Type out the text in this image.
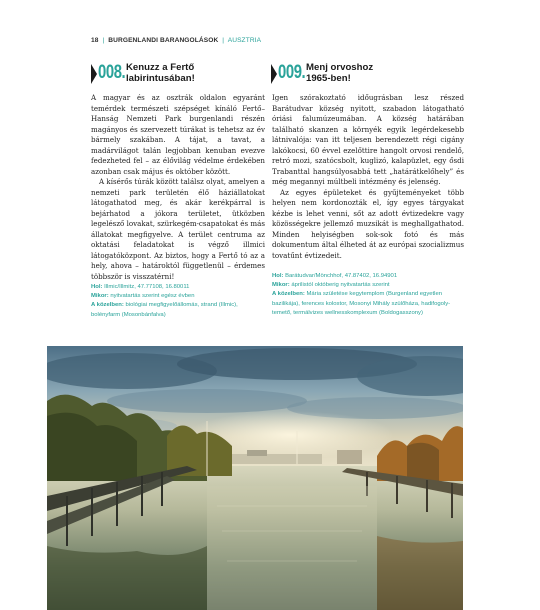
18 | BURGENLANDI BARANGOLÁSOK | AUSZTRIA
008. Kenuzz a Fertő
labirintusában!

A magyar és az osztrák oldalon egyaránt temérdek természeti szépséget kínáló Fertő–Hanság Nemzeti Park burgenlandi részén magányos és szervezett túrákat is tehetsz az év bármely szakában. A tájat, a tavat, a madárvilágot talán legjobban kenuban evezve fedezheted fel – az élővilág védelme érdekében azonban csak május és október között.

A kísérős túrák között találsz olyat, amelyen a nemzeti park területén élő háziállatokat látogathatod meg, és akár kerékpárral is bejárhatod a jókora területet, ütközben legelésző lovakat, szürkegém-csapatokat és más állatokat megfigyelve. A terület centruma az oktatási feladatokat is végző illmici látogatóközpont. Az biztos, hogy a Fertő tó az a hely, ahova – határoktól függetlenül – érdemes többször is visszatérni!

Hol: Illmic/Illmitz, 47.77108, 16.80011
Mikor: nyitvatartás szerint egész évben
A közelben: biológiai megfigyelőállomás, strand (Illmic), bolényfarm (Mosonbánfalva)
009. Menj orvoshoz
1965-ben!

Igen szórakoztató időugrásban lesz részed Barátudvar község nyitott, szabadon látogatható óriási falumúzeumában. A község határában található skanzen a környék egyik legérdekesebb látnivalója: van itt teljesen berendezett régi cigány lakókocsi, 60 évvel ezelőttire hangolt orvosi rendelő, retró mozi, szatócsbolt, kuglizó, kalapüzlet, egy ősdi Trabanttal hangsúlyosabbá tett „határátkelőhely” és még megannyi múltbeli intézmény és jelenség.

Az egyes épületeket és gyűjteményeket több helyen nem kordonozták el, így egyes tárgyakat kézbe is lehet venni, sőt az adott évtizedekre vagy közösségekre jellemző muzsikát is meghallgathatod. Minden helyiségben sok-sok fotó és más dokumentum által élheted át az európai szocializmus tovatűnt évtizedeit.

Hol: Barátudvar/Mönchhof, 47.87402, 16.94901
Mikor: áprilistól októberig nyitvatartás szerint
A közelben: Mária születése kegytemplom (Burgenland egyetlen bazilikája), ferences kolostor, Mosonyi Mihály szülőháza, hadifogoly-temető, termálvizes wellnesskomplexum (Boldogasszony)
